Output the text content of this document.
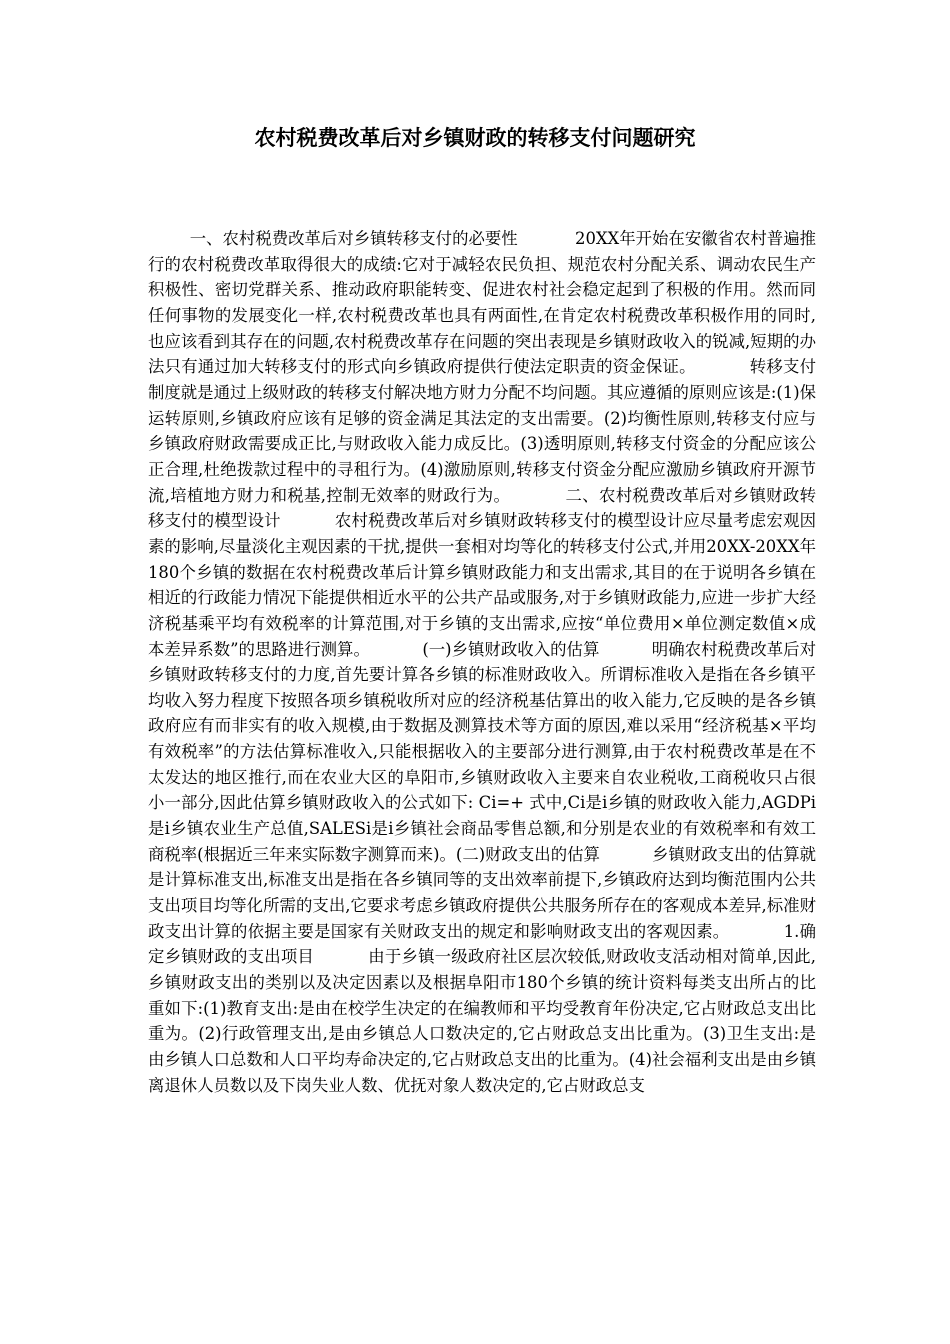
农村税费改革后对乡镇财政的转移支付问题研究
一、农村税费改革后对乡镇转移支付的必要性           20XX年开始在安徽省农村普遍推行的农村税费改革取得很大的成绩:它对于减轻农民负担、规范农村分配关系、调动农民生产积极性、密切党群关系、推动政府职能转变、促进农村社会稳定起到了积极的作用。然而同任何事物的发展变化一样,农村税费改革也具有两面性,在肯定农村税费改革积极作用的同时,也应该看到其存在的问题,农村税费改革存在问题的突出表现是乡镇财政收入的锐减,短期的办法只有通过加大转移支付的形式向乡镇政府提供行使法定职责的资金保证。          转移支付制度就是通过上级财政的转移支付解决地方财力分配不均问题。其应遵循的原则应该是:(1)保运转原则,乡镇政府应该有足够的资金满足其法定的支出需要。(2)均衡性原则,转移支付应与乡镇政府财政需要成正比,与财政收入能力成反比。(3)透明原则,转移支付资金的分配应该公正合理,杜绝拨款过程中的寻租行为。(4)激励原则,转移支付资金分配应激励乡镇政府开源节流,培植地方财力和税基,控制无效率的财政行为。          二、农村税费改革后对乡镇财政转移支付的模型设计          农村税费改革后对乡镇财政转移支付的模型设计应尽量考虑宏观因素的影响,尽量淡化主观因素的干扰,提供一套相对均等化的转移支付公式,并用20XX-20XX年180个乡镇的数据在农村税费改革后计算乡镇财政能力和支出需求,其目的在于说明各乡镇在相近的行政能力情况下能提供相近水平的公共产品或服务,对于乡镇财政能力,应进一步扩大经济税基乘平均有效税率的计算范围,对于乡镇的支出需求,应按“单位费用×单位测定数值×成本差异系数”的思路进行测算。          (一)乡镇财政收入的估算          明确农村税费改革后对乡镇财政转移支付的力度,首先要计算各乡镇的标准财政收入。所谓标准收入是指在各乡镇平均收入努力程度下按照各项乡镇税收所对应的经济税基估算出的收入能力,它反映的是各乡镇政府应有而非实有的收入规模,由于数据及测算技术等方面的原因,难以采用“经济税基×平均有效税率”的方法估算标准收入,只能根据收入的主要部分进行测算,由于农村税费改革是在不太发达的地区推行,而在农业大区的阜阳市,乡镇财政收入主要来自农业税收,工商税收只占很小一部分,因此估算乡镇财政收入的公式如下: Ci=+ 式中,Ci是i乡镇的财政收入能力,AGDPi是i乡镇农业生产总值,SALESi是i乡镇社会商品零售总额,和分别是农业的有效税率和有效工商税率(根据近三年来实际数字测算而来)。(二)财政支出的估算          乡镇财政支出的估算就是计算标准支出,标准支出是指在各乡镇同等的支出效率前提下,乡镇政府达到均衡范围内公共支出项目均等化所需的支出,它要求考虑乡镇政府提供公共服务所存在的客观成本差异,标准财政支出计算的依据主要是国家有关财政支出的规定和影响财政支出的客观因素。          1.确定乡镇财政的支出项目          由于乡镇一级政府社区层次较低,财政收支活动相对简单,因此,乡镇财政支出的类别以及决定因素以及根据阜阳市180个乡镇的统计资料每类支出所占的比重如下:(1)教育支出:是由在校学生决定的在编教师和平均受教育年份决定,它占财政总支出比重为。(2)行政管理支出,是由乡镇总人口数决定的,它占财政总支出比重为。(3)卫生支出:是由乡镇人口总数和人口平均寿命决定的,它占财政总支出的比重为。(4)社会福利支出是由乡镇离退休人员数以及下岗失业人数、优抚对象人数决定的,它占财政总支
